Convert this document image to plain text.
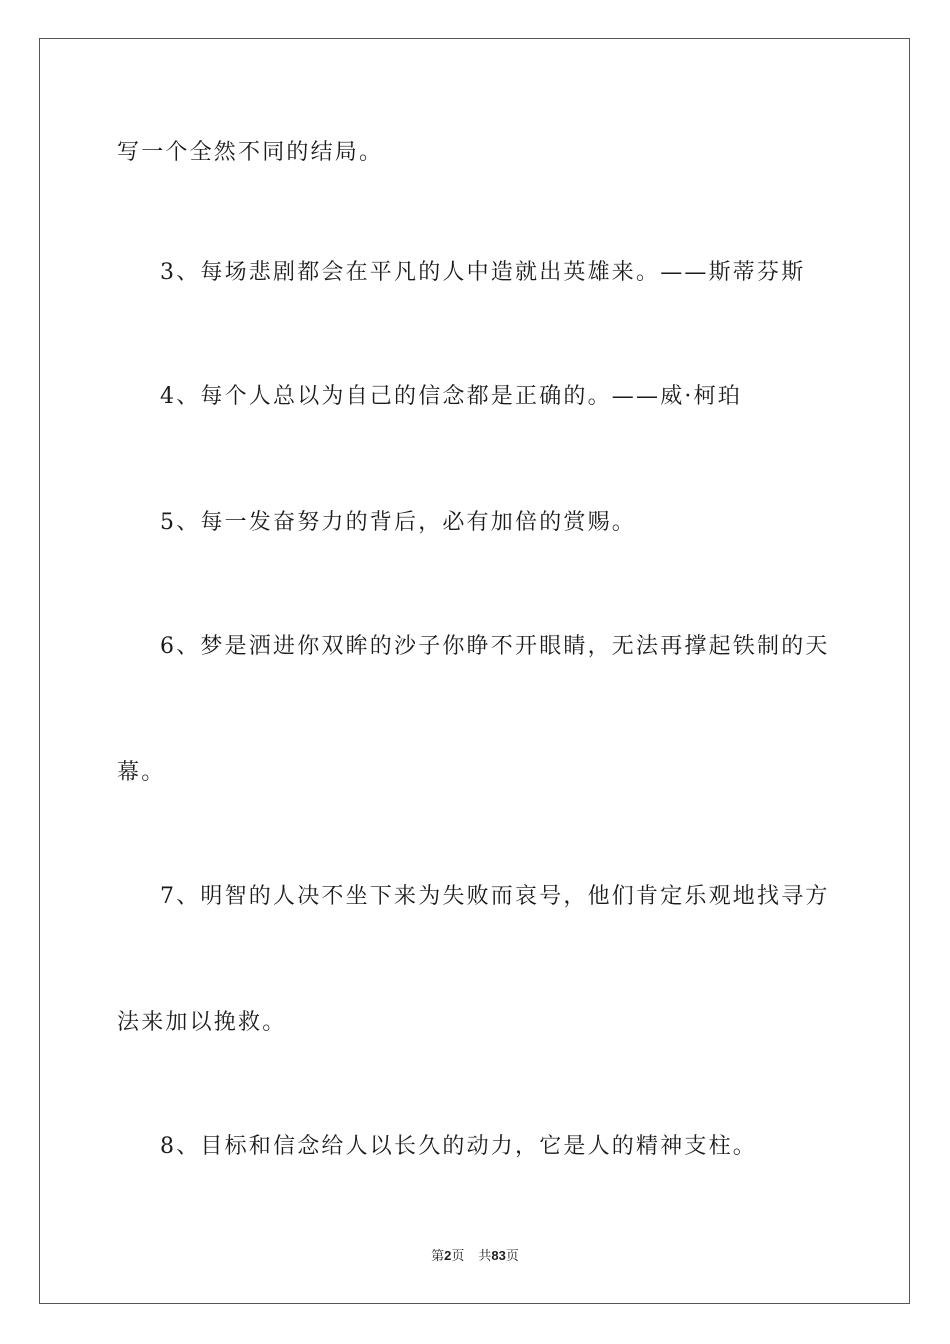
写一个全然不同的结局。
3、每场悲剧都会在平凡的人中造就出英雄来。——斯蒂芬斯
4、每个人总以为自己的信念都是正确的。——威·柯珀
5、每一发奋努力的背后，必有加倍的赏赐。
6、梦是洒进你双眸的沙子你睁不开眼睛，无法再撑起铁制的天
幕。
7、明智的人决不坐下来为失败而哀号，他们肯定乐观地找寻方
法来加以挽救。
8、目标和信念给人以长久的动力，它是人的精神支柱。
第2页 共83页
